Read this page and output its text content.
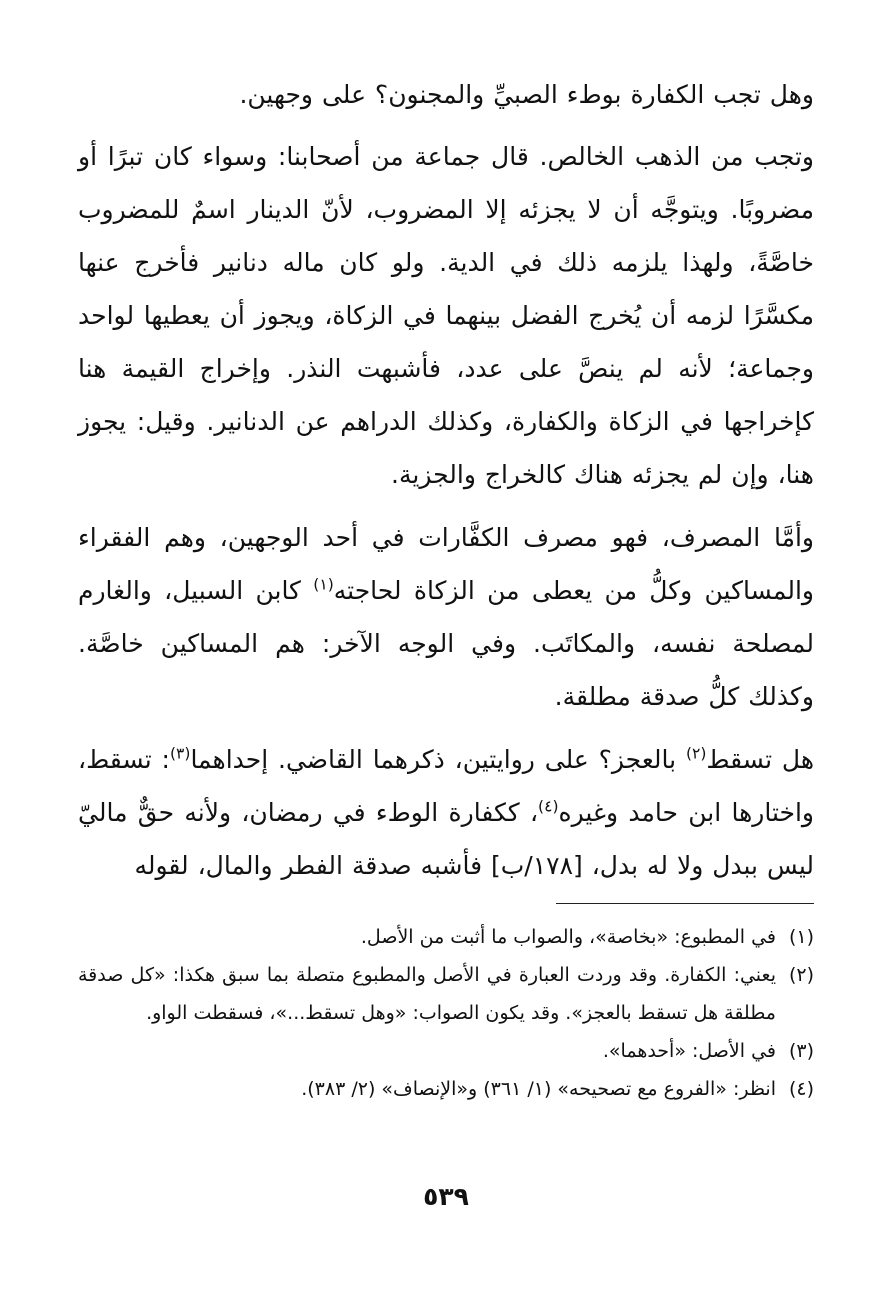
وهل تجب الكفارة بوطء الصبيِّ والمجنون؟ على وجهين.

وتجب من الذهب الخالص. قال جماعة من أصحابنا: وسواء كان تبرًا أو مضروبًا. ويتوجَّه أن لا يجزئه إلا المضروب، لأنّ الدينار اسمٌ للمضروب خاصَّةً، ولهذا يلزمه ذلك في الدية. ولو كان ماله دنانير فأخرج عنها مكسَّرًا لزمه أن يُخرج الفضل بينهما في الزكاة، ويجوز أن يعطيها لواحد وجماعة؛ لأنه لم ينصَّ على عدد، فأشبهت النذر. وإخراج القيمة هنا كإخراجها في الزكاة والكفارة، وكذلك الدراهم عن الدنانير. وقيل: يجوز هنا، وإن لم يجزئه هناك كالخراج والجزية.

وأمَّا المصرف، فهو مصرف الكفَّارات في أحد الوجهين، وهم الفقراء والمساكين وكلُّ من يعطى من الزكاة لحاجته$^{(١)}$ كابن السبيل، والغارم لمصلحة نفسه، والمكاتَب. وفي الوجه الآخر: هم المساكين خاصَّة. وكذلك كلُّ صدقة مطلقة.

هل تسقط$^{(٢)}$ بالعجز؟ على روايتين، ذكرهما القاضي. إحداهما$^{(٣)}$: تسقط، واختارها ابن حامد وغيره$^{(٤)}$، ككفارة الوطء في رمضان، ولأنه حقٌّ ماليّ ليس ببدل ولا له بدل، [١٧٨/ب] فأشبه صدقة الفطر والمال، لقوله

(١)
في المطبوع: «بخاصة»، والصواب ما أثبت من الأصل.
(٢)
يعني: الكفارة. وقد وردت العبارة في الأصل والمطبوع متصلة بما سبق هكذا: «كل صدقة مطلقة هل تسقط بالعجز». وقد يكون الصواب: «وهل تسقط...»، فسقطت الواو.
(٣)
في الأصل: «أحدهما».
(٤)
انظر: «الفروع مع تصحيحه» (١/ ٣٦١) و«الإنصاف» (٢/ ٣٨٣).
٥٣٩
